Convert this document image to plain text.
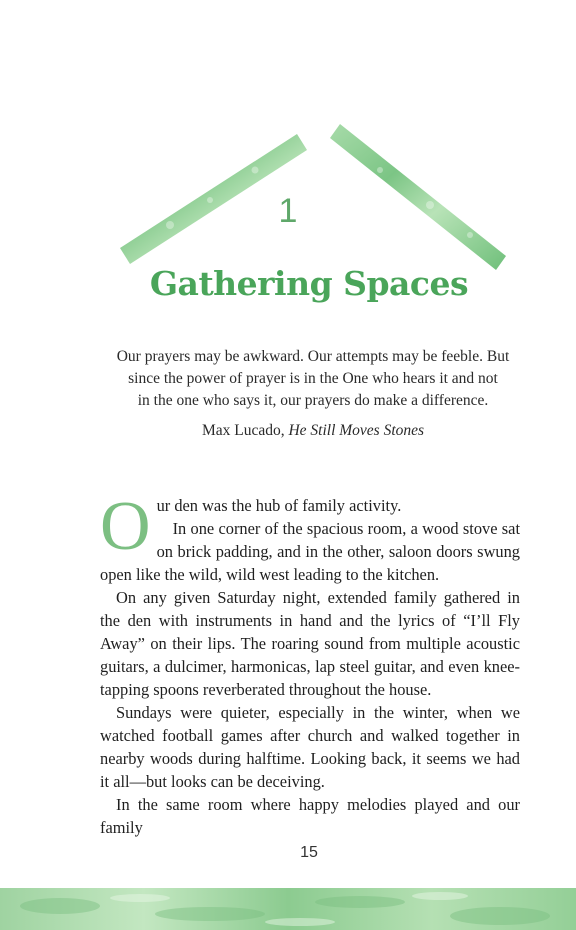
1
Gathering Spaces
Our prayers may be awkward. Our attempts may be feeble. But
since the power of prayer is in the One who hears it and not
in the one who says it, our prayers do make a difference.
Max Lucado, He Still Moves Stones

Our den was the hub of family activity.

In one corner of the spacious room, a wood stove sat on brick padding, and in the other, saloon doors swung open like the wild, wild west leading to the kitchen.

On any given Saturday night, extended family gathered in the den with instruments in hand and the lyrics of “I’ll Fly Away” on their lips. The roaring sound from multiple acoustic guitars, a dulcimer, harmonicas, lap steel guitar, and even knee-tapping spoons reverberated throughout the house.

Sundays were quieter, especially in the winter, when we watched football games after church and walked together in nearby woods during halftime. Looking back, it seems we had it all—but looks can be deceiving.

In the same room where happy melodies played and our family

15
